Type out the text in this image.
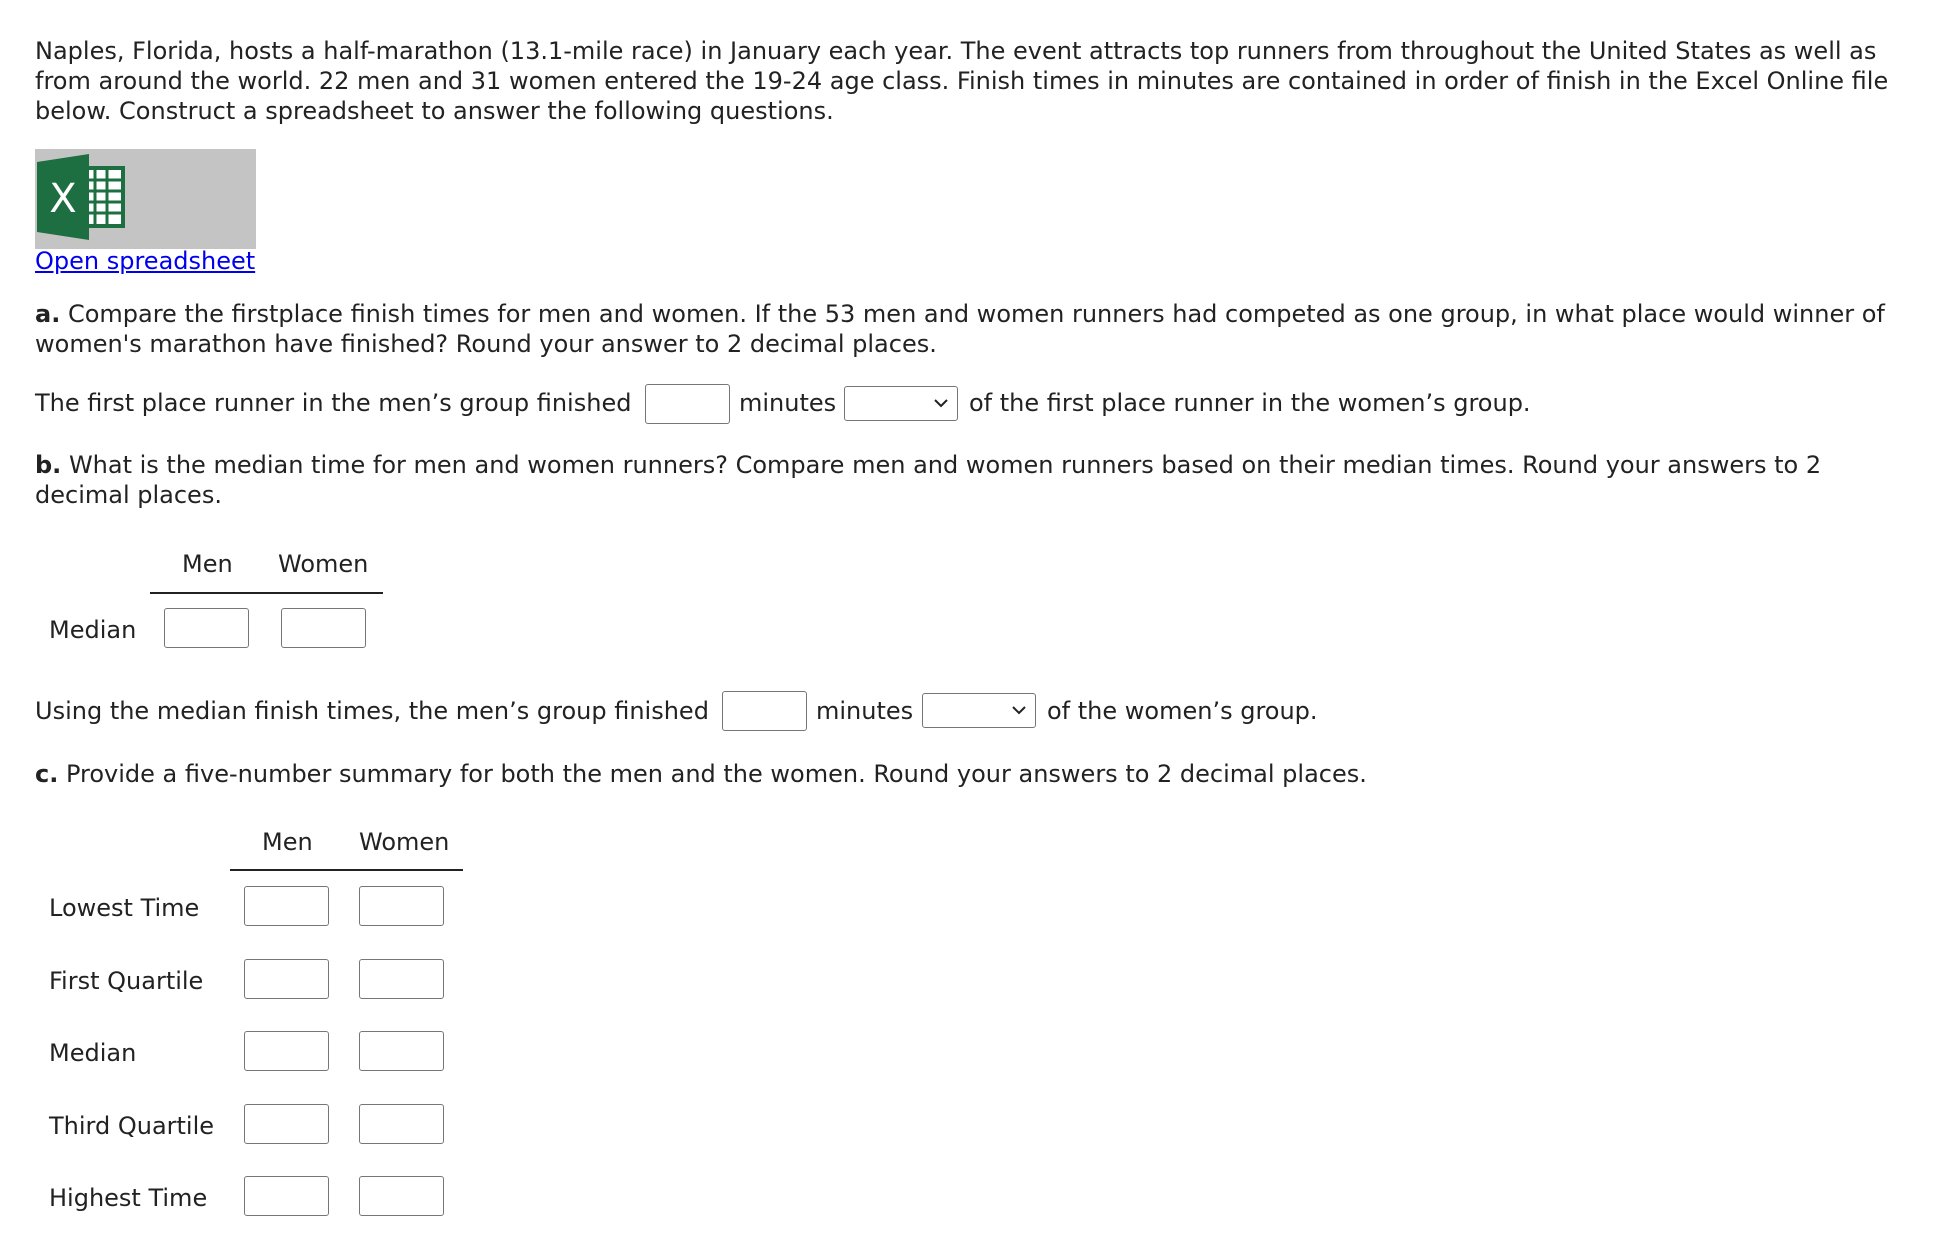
Naples, Florida, hosts a half-marathon (13.1-mile race) in January each year. The event attracts top runners from throughout the United States as well as from around the world. 22 men and 31 women entered the 19-24 age class. Finish times in minutes are contained in order of finish in the Excel Online file below. Construct a spreadsheet to answer the following questions.
X
Open spreadsheet
a. Compare the firstplace finish times for men and women. If the 53 men and women runners had competed as one group, in what place would winner of women's marathon have finished? Round your answer to 2 decimal places.
The first place runner in the men’s group finished	minutes	of the first place runner in the women’s group.
b. What is the median time for men and women runners? Compare men and women runners based on their median times. Round your answers to 2 decimal places.
Men Women
Median
Using the median finish times, the men’s group finished	minutes	of the women’s group.
c. Provide a five-number summary for both the men and the women. Round your answers to 2 decimal places.
Men Women
Lowest Time
First Quartile
Median
Third Quartile
Highest Time
